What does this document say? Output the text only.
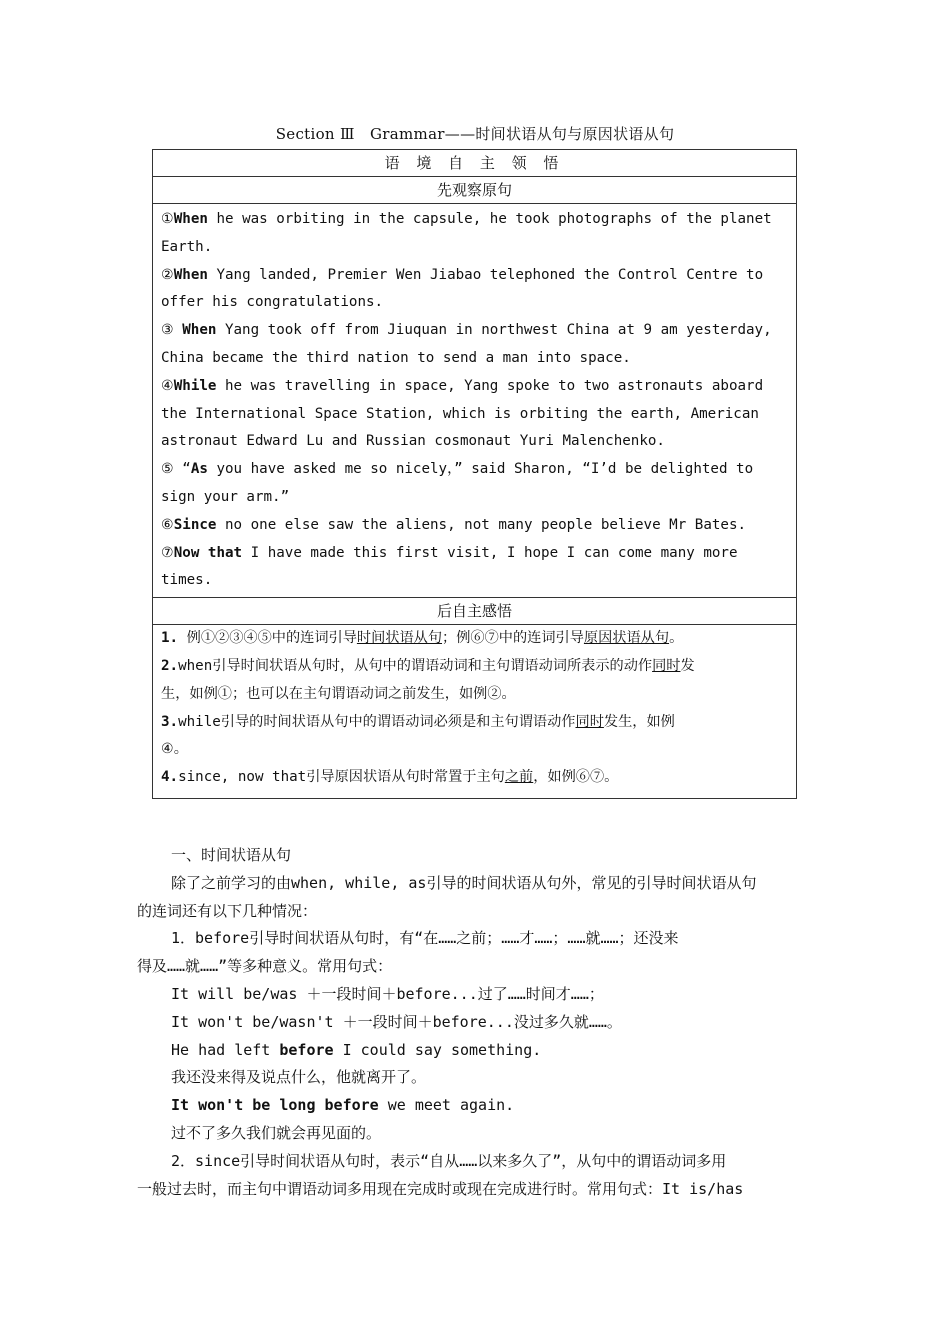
Section Ⅲ　Grammar——时间状语从句与原因状语从句
语 境 自 主 领 悟
先观察原句

①When he was orbiting in the capsule, he took photographs of the planet

Earth.

②When Yang landed, Premier Wen Jiabao telephoned the Control Centre to

offer his congratulations.

③ When Yang took off from Jiuquan in northwest China at 9 am yesterday,

China became the third nation to send a man into space.

④While he was travelling in space, Yang spoke to two astronauts aboard

the International Space Station, which is orbiting the earth, American

astronaut Edward Lu and Russian cosmonaut Yuri Malenchenko.

⑤ “As you have asked me so nicely，” said Sharon, “I’d be delighted to

sign your arm.”

⑥Since no one else saw the aliens, not many people believe Mr Bates.

⑦Now that I have made this first visit, I hope I can come many more

times.

后自主感悟

1. 例①②③④⑤中的连词引导时间状语从句；例⑥⑦中的连词引导原因状语从句。

2.when引导时间状语从句时，从句中的谓语动词和主句谓语动词所表示的动作同时发

生，如例①；也可以在主句谓语动词之前发生，如例②。

3.while引导的时间状语从句中的谓语动词必须是和主句谓语动作同时发生，如例

④。

4.since, now that引导原因状语从句时常置于主句之前，如例⑥⑦。

一、时间状语从句

除了之前学习的由when, while, as引导的时间状语从句外，常见的引导时间状语从句

的连词还有以下几种情况：

1．before引导时间状语从句时，有“在……之前；……才……；……就……；还没来

得及……就……”等多种意义。常用句式：

It will be/was ＋一段时间＋before...过了……时间才……；

It won't be/wasn't ＋一段时间＋before...没过多久就……。

He had left before I could say something.

我还没来得及说点什么，他就离开了。

It won't be long before we meet again.

过不了多久我们就会再见面的。

2．since引导时间状语从句时，表示“自从……以来多久了”，从句中的谓语动词多用

一般过去时，而主句中谓语动词多用现在完成时或现在完成进行时。常用句式：It is/has
